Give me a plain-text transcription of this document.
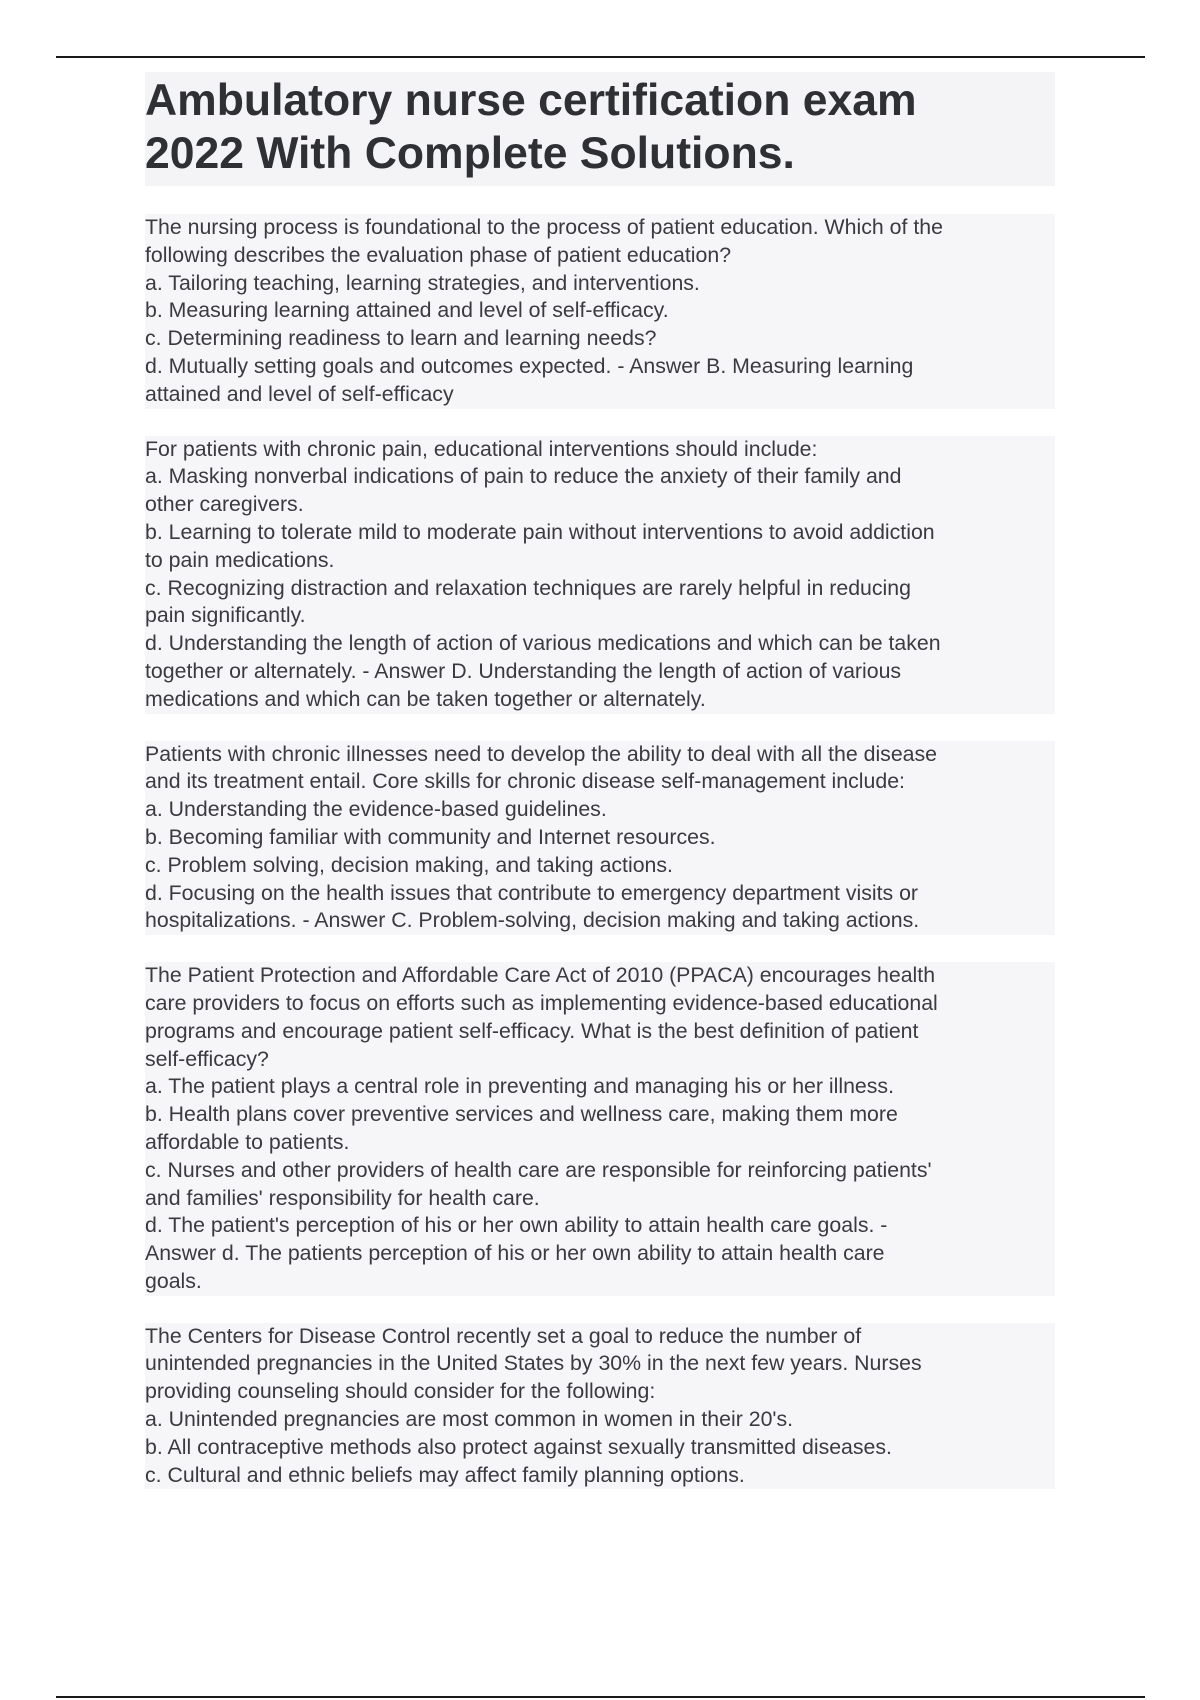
Ambulatory nurse certification exam
2022 With Complete Solutions.
The nursing process is foundational to the process of patient education. Which of the
following describes the evaluation phase of patient education?
a. Tailoring teaching, learning strategies, and interventions.
b. Measuring learning attained and level of self-efficacy.
c. Determining readiness to learn and learning needs?
d. Mutually setting goals and outcomes expected. - Answer B. Measuring learning
attained and level of self-efficacy
For patients with chronic pain, educational interventions should include:
a. Masking nonverbal indications of pain to reduce the anxiety of their family and
other caregivers.
b. Learning to tolerate mild to moderate pain without interventions to avoid addiction
to pain medications.
c. Recognizing distraction and relaxation techniques are rarely helpful in reducing
pain significantly.
d. Understanding the length of action of various medications and which can be taken
together or alternately. - Answer D. Understanding the length of action of various
medications and which can be taken together or alternately.
Patients with chronic illnesses need to develop the ability to deal with all the disease
and its treatment entail. Core skills for chronic disease self-management include:
a. Understanding the evidence-based guidelines.
b. Becoming familiar with community and Internet resources.
c. Problem solving, decision making, and taking actions.
d. Focusing on the health issues that contribute to emergency department visits or
hospitalizations. - Answer C. Problem-solving, decision making and taking actions.
The Patient Protection and Affordable Care Act of 2010 (PPACA) encourages health
care providers to focus on efforts such as implementing evidence-based educational
programs and encourage patient self-efficacy. What is the best definition of patient
self-efficacy?
a. The patient plays a central role in preventing and managing his or her illness.
b. Health plans cover preventive services and wellness care, making them more
affordable to patients.
c. Nurses and other providers of health care are responsible for reinforcing patients'
and families' responsibility for health care.
d. The patient's perception of his or her own ability to attain health care goals. -
Answer d. The patients perception of his or her own ability to attain health care
goals.
The Centers for Disease Control recently set a goal to reduce the number of
unintended pregnancies in the United States by 30% in the next few years. Nurses
providing counseling should consider for the following:
a. Unintended pregnancies are most common in women in their 20's.
b. All contraceptive methods also protect against sexually transmitted diseases.
c. Cultural and ethnic beliefs may affect family planning options.
